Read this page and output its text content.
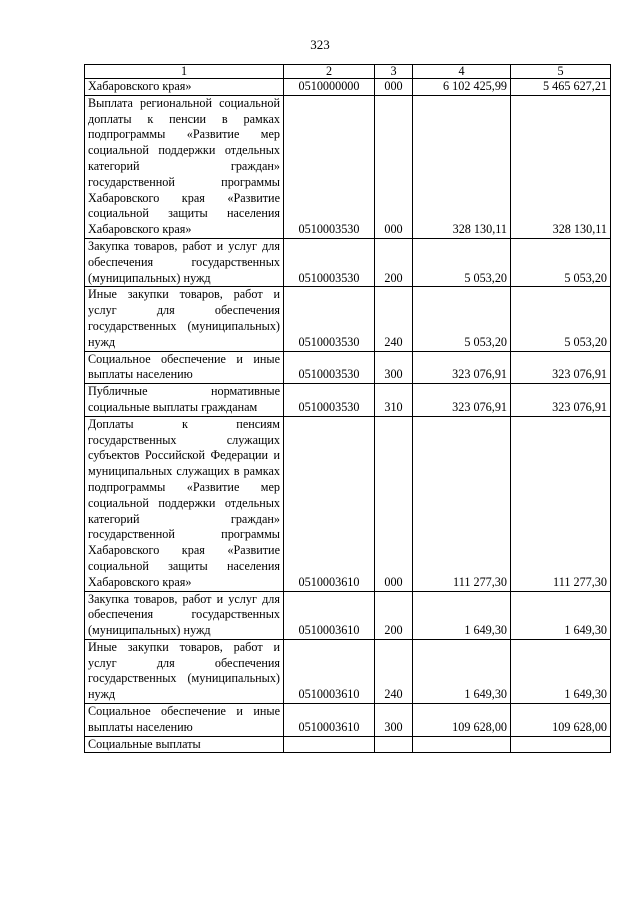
323
1	2	3	4	5
Хабаровского края»	0510000000	000	6 102 425,99	5 465 627,21
Выплата региональной социальной доплаты к пенсии в рамках подпрограммы «Развитие мер социальной поддержки отдельных категорий граждан» государственной программы Хабаровского края «Развитие социальной защиты населения Хабаровского края»	0510003530	000	328 130,11	328 130,11
Закупка товаров, работ и услуг для обеспечения государственных (муниципальных) нужд	0510003530	200	5 053,20	5 053,20
Иные закупки товаров, работ и услуг для обеспечения государственных (муниципальных) нужд	0510003530	240	5 053,20	5 053,20
Социальное обеспечение и иные выплаты населению	0510003530	300	323 076,91	323 076,91
Публичные нормативные социальные выплаты гражданам	0510003530	310	323 076,91	323 076,91
Доплаты к пенсиям государственных служащих субъектов Российской Федерации и муниципальных служащих в рамках подпрограммы «Развитие мер социальной поддержки отдельных категорий граждан» государственной программы Хабаровского края «Развитие социальной защиты населения Хабаровского края»	0510003610	000	111 277,30	111 277,30
Закупка товаров, работ и услуг для обеспечения государственных (муниципальных) нужд	0510003610	200	1 649,30	1 649,30
Иные закупки товаров, работ и услуг для обеспечения государственных (муниципальных) нужд	0510003610	240	1 649,30	1 649,30
Социальное обеспечение и иные выплаты населению	0510003610	300	109 628,00	109 628,00
Социальные выплаты				
